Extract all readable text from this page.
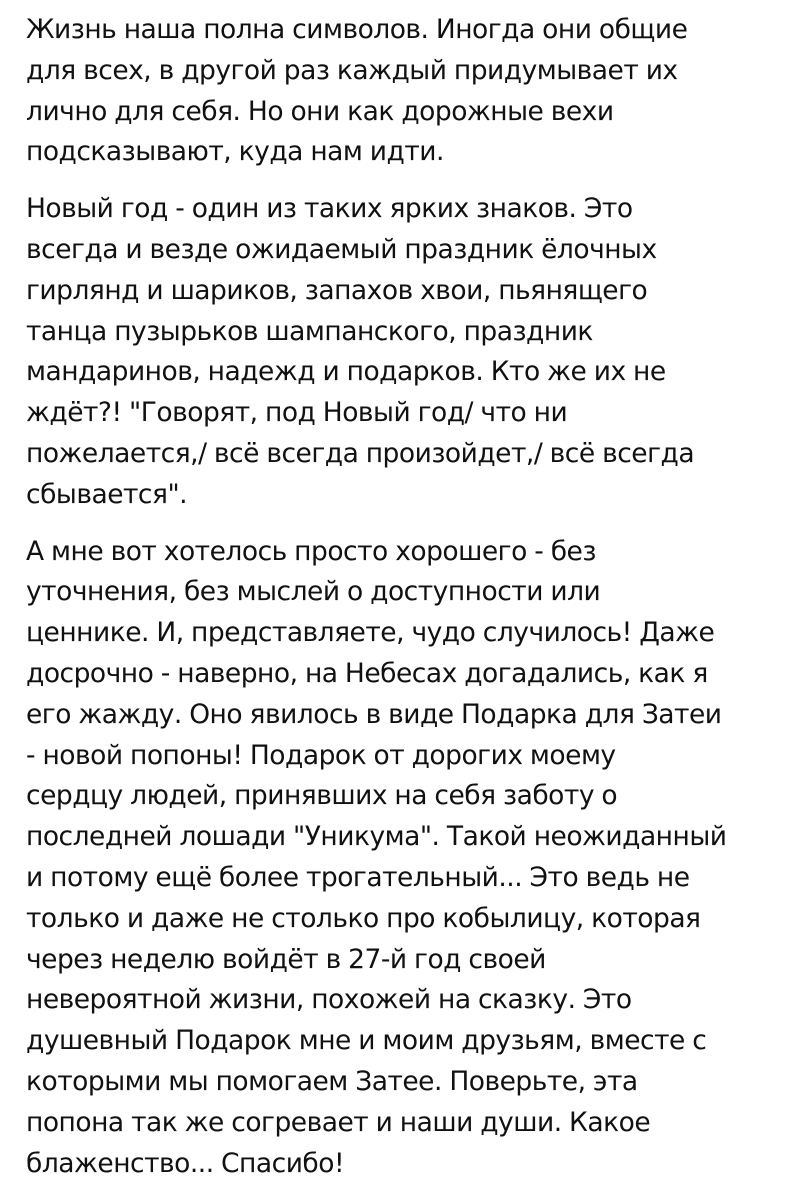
Жизнь наша полна символов. Иногда они общие
для всех, в другой раз каждый придумывает их
лично для себя. Но они как дорожные вехи
подсказывают, куда нам идти.

Новый год - один из таких ярких знаков. Это
всегда и везде ожидаемый праздник ёлочных
гирлянд и шариков, запахов хвои, пьянящего
танца пузырьков шампанского, праздник
мандаринов, надежд и подарков. Кто же их не
ждёт?! "Говорят, под Новый год/ что ни
пожелается,/ всё всегда произойдет,/ всё всегда
сбывается".

А мне вот хотелось просто хорошего - без
уточнения, без мыслей о доступности или
ценнике. И, представляете, чудо случилось! Даже
досрочно - наверно, на Небесах догадались, как я
его жажду. Оно явилось в виде Подарка для Затеи
- новой попоны! Подарок от дорогих моему
сердцу людей, принявших на себя заботу о
последней лошади "Уникума". Такой неожиданный
и потому ещё более трогательный... Это ведь не
только и даже не столько про кобылицу, которая
через неделю войдёт в 27-й год своей
невероятной жизни, похожей на сказку. Это
душевный Подарок мне и моим друзьям, вместе с
которыми мы помогаем Затее. Поверьте, эта
попона так же согревает и наши души. Какое
блаженство... Спасибо!
